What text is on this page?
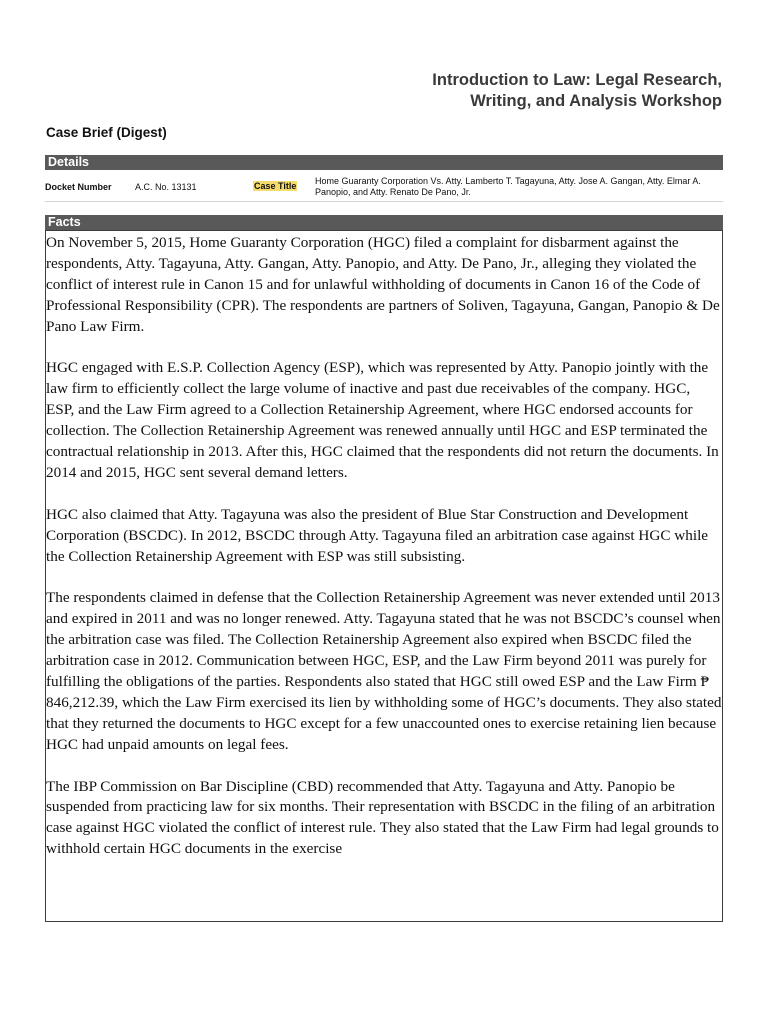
Introduction to Law: Legal Research,
Writing, and Analysis Workshop
Case Brief (Digest)
Details
Docket Number	A.C. No. 13131	Case Title Home Guaranty Corporation Vs. Atty. Lamberto T. Tagayuna, Atty. Jose A. Gangan, Atty. Elmar A. Panopio, and Atty. Renato De Pano, Jr.
Facts

On November 5, 2015, Home Guaranty Corporation (HGC) filed a complaint for disbarment against the respondents, Atty. Tagayuna, Atty. Gangan, Atty. Panopio, and Atty. De Pano, Jr., alleging they violated the conflict of interest rule in Canon 15 and for unlawful withholding of documents in Canon 16 of the Code of Professional Responsibility (CPR). The respondents are partners of Soliven, Tagayuna, Gangan, Panopio & De Pano Law Firm.

HGC engaged with E.S.P. Collection Agency (ESP), which was represented by Atty. Panopio jointly with the law firm to efficiently collect the large volume of inactive and past due receivables of the company. HGC, ESP, and the Law Firm agreed to a Collection Retainership Agreement, where HGC endorsed accounts for collection. The Collection Retainership Agreement was renewed annually until HGC and ESP terminated the contractual relationship in 2013. After this, HGC claimed that the respondents did not return the documents. In 2014 and 2015, HGC sent several demand letters.

HGC also claimed that Atty. Tagayuna was also the president of Blue Star Construction and Development Corporation (BSCDC). In 2012, BSCDC through Atty. Tagayuna filed an arbitration case against HGC while the Collection Retainership Agreement with ESP was still subsisting.

The respondents claimed in defense that the Collection Retainership Agreement was never extended until 2013 and expired in 2011 and was no longer renewed. Atty. Tagayuna stated that he was not BSCDC’s counsel when the arbitration case was filed. The Collection Retainership Agreement also expired when BSCDC filed the arbitration case in 2012. Communication between HGC, ESP, and the Law Firm beyond 2011 was purely for fulfilling the obligations of the parties. Respondents also stated that HGC still owed ESP and the Law Firm ₱ 846,212.39, which the Law Firm exercised its lien by withholding some of HGC’s documents. They also stated that they returned the documents to HGC except for a few unaccounted ones to exercise retaining lien because HGC had unpaid amounts on legal fees.

The IBP Commission on Bar Discipline (CBD) recommended that Atty. Tagayuna and Atty. Panopio be suspended from practicing law for six months. Their representation with BSCDC in the filing of an arbitration case against HGC violated the conflict of interest rule. They also stated that the Law Firm had legal grounds to withhold certain HGC documents in the exercise
